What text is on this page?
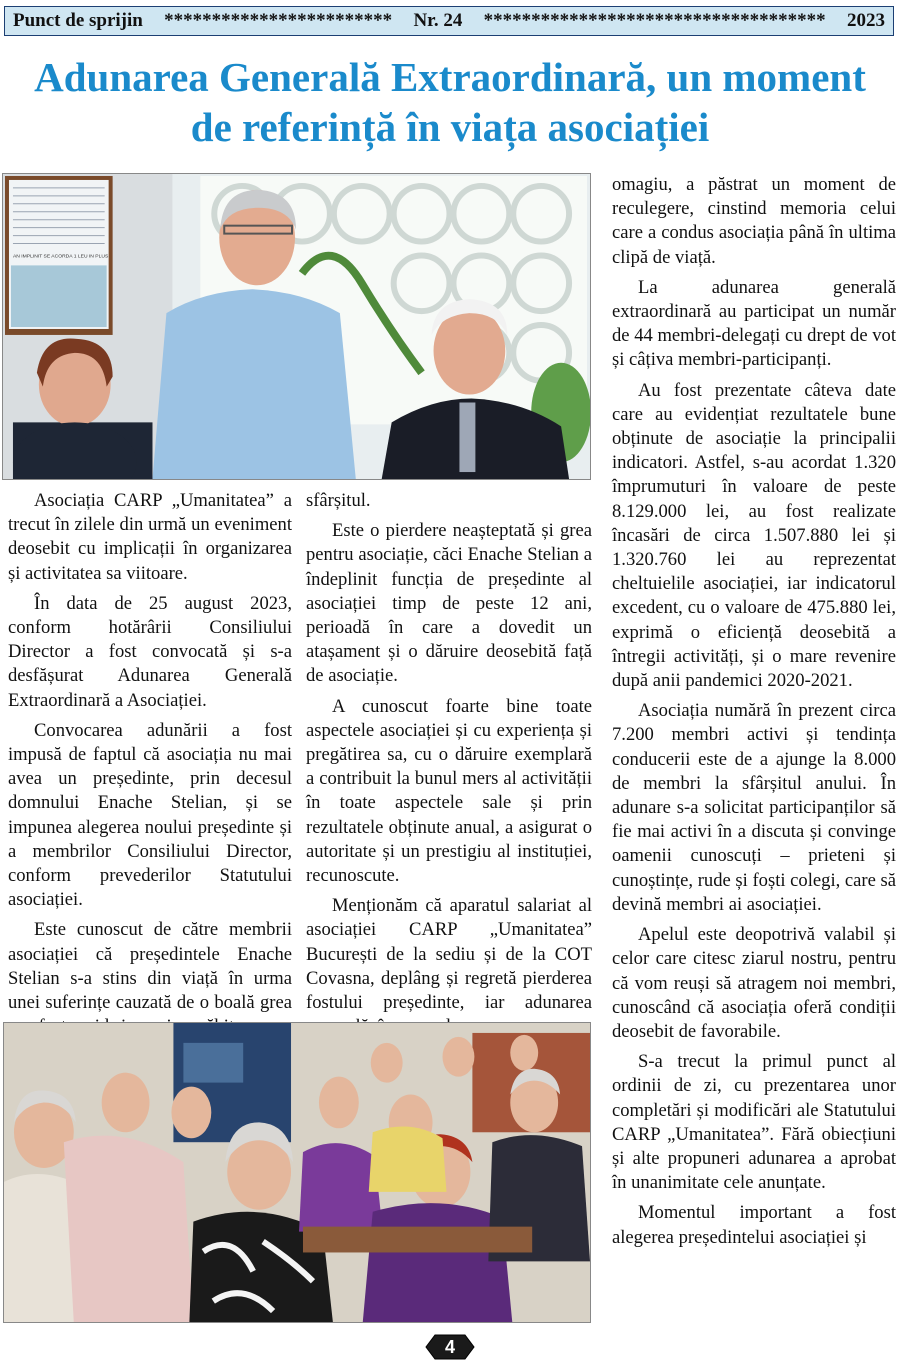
Punct de sprijin ************************ Nr. 24 ************************************ 2023
Adunarea Generală Extraordinară, un moment
de referință în viața asociației
AN IMPLINIT SE ACORDA 1 LEU IN PLUS

Asociația CARP „Umanitatea” a trecut în zilele din urmă un eveniment deosebit cu implicații în organizarea și activitatea sa viitoare.

În data de 25 august 2023, conform hotărârii Consiliului Director a fost convocată și s-a desfășurat Adunarea Generală Extraordinară a Asociației.

Convocarea adunării a fost impusă de faptul că asociația nu mai avea un președinte, prin decesul domnului Enache Stelian, și se impunea alegerea noului președinte și a membrilor Consiliului Director, conform prevederilor Statutului asociației.

Este cunoscut de către membrii asociației că președintele Enache Stelian s-a stins din viață în urma unei suferințe cauzată de o boală grea

sfârșitul.

Este o pierdere neașteptată și grea pentru asociație, căci Enache Stelian a îndeplinit funcția de președinte al asociației timp de peste 12 ani, perioadă în care a dovedit un atașament și o dăruire deosebită față de asociație.

A cunoscut foarte bine toate aspectele asociației și cu experiența și pregătirea sa, cu o dăruire exemplară a contribuit la bunul mers al activității în toate aspectele sale și prin rezultatele obținute anual, a asigurat o autoritate și un prestigiu al instituției, recunoscute.

Menționăm că aparatul salariat al asociației CARP „Umanitatea” București de la sediu și de la COT Covasna, deplâng și regretă pierderea fostului președinte, iar adunarea

omagiu, a păstrat un moment de reculegere, cinstind memoria celui care a condus asociația până în ultima clipă de viață.

La adunarea generală extraordinară au participat un număr de 44 membri-delegați cu drept de vot și câțiva membri-participanți.

Au fost prezentate câteva date care au evidențiat rezultatele bune obținute de asociație la principalii indicatori. Astfel, s-au acordat 1.320 împrumuturi în valoare de peste 8.129.000 lei, au fost realizate încasări de circa 1.507.880 lei și 1.320.760 lei au reprezentat cheltuielile asociației, iar indicatorul excedent, cu o valoare de 475.880 lei, exprimă o eficiență deosebită a întregii activități, și o mare revenire după anii pandemici 2020-2021.

Asociația numără în prezent circa 7.200 membri activi și tendința conducerii este de a ajunge la 8.000 de membri la sfârșitul anului. În adunare s-a solicitat participanților să fie mai activi în a discuta și convinge oamenii cunoscuți – prieteni și cunoștințe, rude și foști colegi, care să devină membri ai asociației.

Apelul este deopotrivă valabil și celor care citesc ziarul nostru, pentru că vom reuși să atragem noi membri, cunoscând că asociația oferă condiții deosebit de favorabile.

S-a trecut la primul punct al ordinii de zi, cu prezentarea unor completări și modificări ale Statutului CARP „Umanitatea”. Fără obiecțiuni și alte propuneri adunarea a aprobat în unanimitate cele anunțate.

Momentul important a fost alegerea președintelui asociației și

4
